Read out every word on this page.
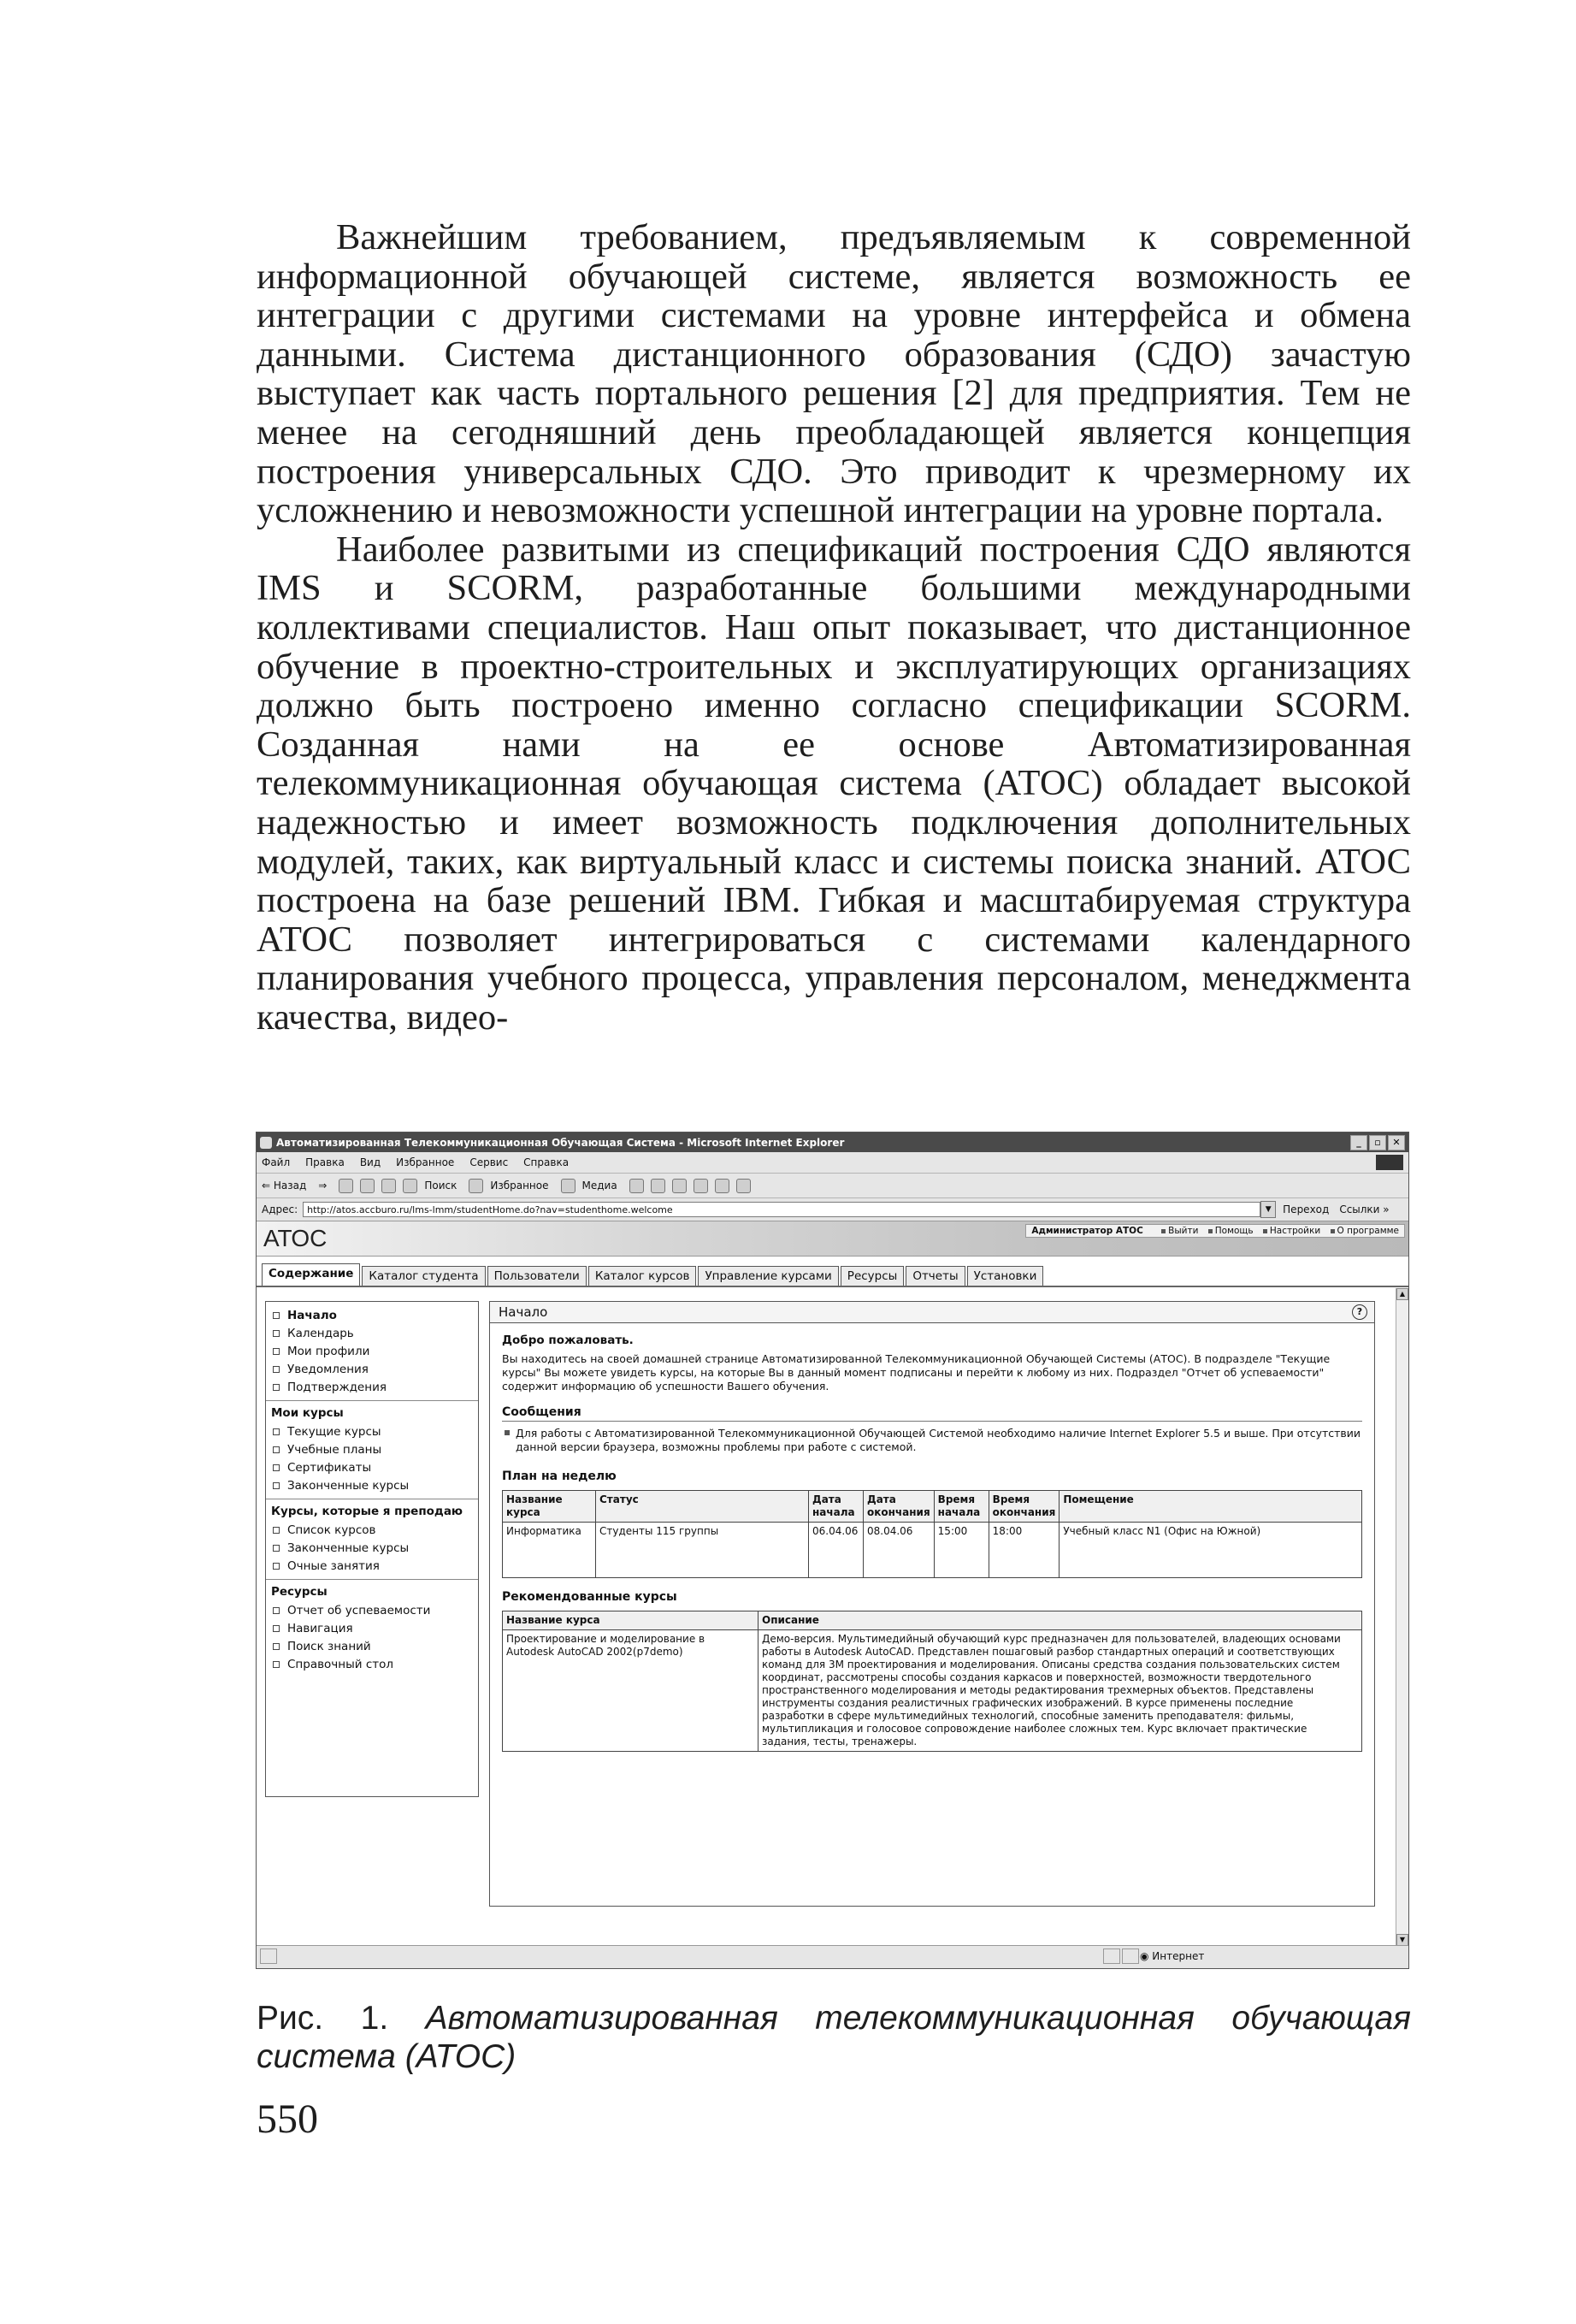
Важнейшим требованием, предъявляемым к современной информационной обучающей системе, является возможность ее интеграции с другими системами на уровне интерфейса и обмена данными. Система дистанционного образования (СДО) зачастую выступает как часть портального решения [2] для предприятия. Тем не менее на сегодняшний день преобладающей является концепция построения универсальных СДО. Это приводит к чрезмерному их усложнению и невозможности успешной интеграции на уровне портала.

Наиболее развитыми из спецификаций построения СДО являются IMS и SCORM, разработанные большими международными коллективами специалистов. Наш опыт показывает, что дистанционное обучение в проектно-строительных и эксплуатирующих организациях должно быть построено именно согласно спецификации SCORM. Созданная нами на ее основе Автоматизированная телекоммуникационная обучающая система (АТОС) обладает высокой надежностью и имеет возможность подключения дополнительных модулей, таких, как виртуальный класс и системы поиска знаний. АТОС построена на базе решений IBM. Гибкая и масштабируемая структура АТОС позволяет интегрироваться с системами календарного планирования учебного процесса, управления персоналом, менеджмента качества, видео-

Автоматизированная Телекоммуникационная Обучающая Система - Microsoft Internet Explorer	_	▫	✕
Файл Правка Вид Избранное Сервис Справка
⇐ Назад ⇒	Поиск	Избранное	Медиа
Адрес:	http://atos.accburo.ru/lms-lmm/studentHome.do?nav=studenthome.welcome	▼	Переход Ссылки »
АТОС	Администратор АТОС	Выйти Помощь Настройки О программе
Содержание	Каталог студента	Пользователи	Каталог курсов	Управление курсами	Ресурсы	Отчеты	Установки
Начало
Календарь
Мои профили
Уведомления
Подтверждения
Мои курсы
Текущие курсы
Учебные планы
Сертификаты
Законченные курсы
Курсы, которые я преподаю
Список курсов
Законченные курсы
Очные занятия
Ресурсы
Отчет об успеваемости
Навигация
Поиск знаний
Справочный стол
Начало	?
Добро пожаловать.
Вы находитесь на своей домашней странице Автоматизированной Телекоммуникационной Обучающей Системы (АТОС). В подразделе "Текущие курсы" Вы можете увидеть курсы, на которые Вы в данный момент подписаны и перейти к любому из них. Подраздел "Отчет об успеваемости" содержит информацию об успешности Вашего обучения.
Сообщения
Для работы с Автоматизированной Телекоммуникационной Обучающей Системой необходимо наличие Internet Explorer 5.5 и выше. При отсутствии данной версии браузера, возможны проблемы при работе с системой.
План на неделю
Название курса	Статус	Дата начала	Дата окончания	Время начала	Время окончания	Помещение
Информатика	Студенты 115 группы	06.04.06	08.04.06	15:00	18:00	Учебный класс N1 (Офис на Южной)
Рекомендованные курсы
Название курса	Описание
Проектирование и моделирование в Autodesk AutoCAD 2002(p7demo)	Демо-версия. Мультимедийный обучающий курс предназначен для пользователей, владеющих основами работы в Autodesk AutoCAD. Представлен пошаговый разбор стандартных операций и соответствующих команд для 3М проектирования и моделирования. Описаны средства создания пользовательских систем координат, рассмотрены способы создания каркасов и поверхностей, возможности твердотельного пространственного моделирования и методы редактирования трехмерных объектов. Представлены инструменты создания реалистичных графических изображений. В курсе применены последние разработки в сфере мультимедийных технологий, способные заменить преподавателя: фильмы, мультипликация и голосовое сопровождение наиболее сложных тем. Курс включает практические задания, тесты, тренажеры.
▲
▼
◉ Интернет
Рис. 1. Автоматизированная телекоммуникационная обучающая система (АТОС)
550
